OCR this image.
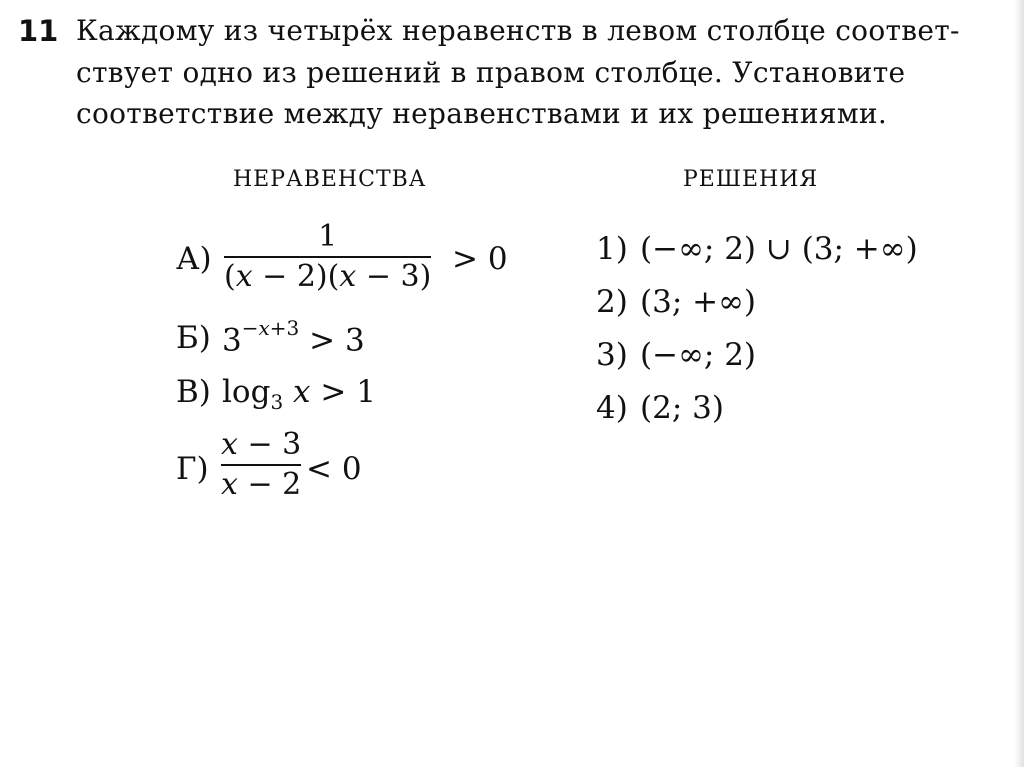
11 Каждому из четырёх неравенств в левом столбце соответ-
ствует одно из решений в правом столбце. Установите
соответствие между неравенствами и их решениями.
НЕРАВЕНСТВА	РЕШЕНИЯ
А)
1
(x − 2)(x − 3) > 0
Б) $3^{-x+3} > 3$
В) $\log_3 x > 1$
Г)
x − 3
x − 2 < 0
1) (−∞; 2) ∪ (3; +∞)
2) (3; +∞)
3) (−∞; 2)
4) (2; 3)
